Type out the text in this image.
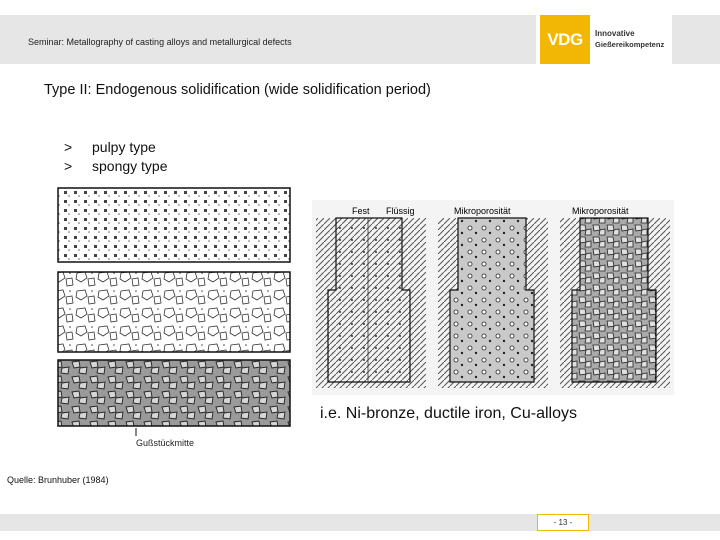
Seminar: Metallography of casting alloys and metallurgical defects	VDG Innovative
Gießereikompetenz
Type II: Endogenous solidification (wide solidification period)
>	pulpy type
>	spongy type
Gußstückmitte
Fest Flüssig	Mikroporosität	Mikroporosität
i.e. Ni-bronze, ductile iron, Cu-alloys
Quelle: Brunhuber (1984)
- 13 -
